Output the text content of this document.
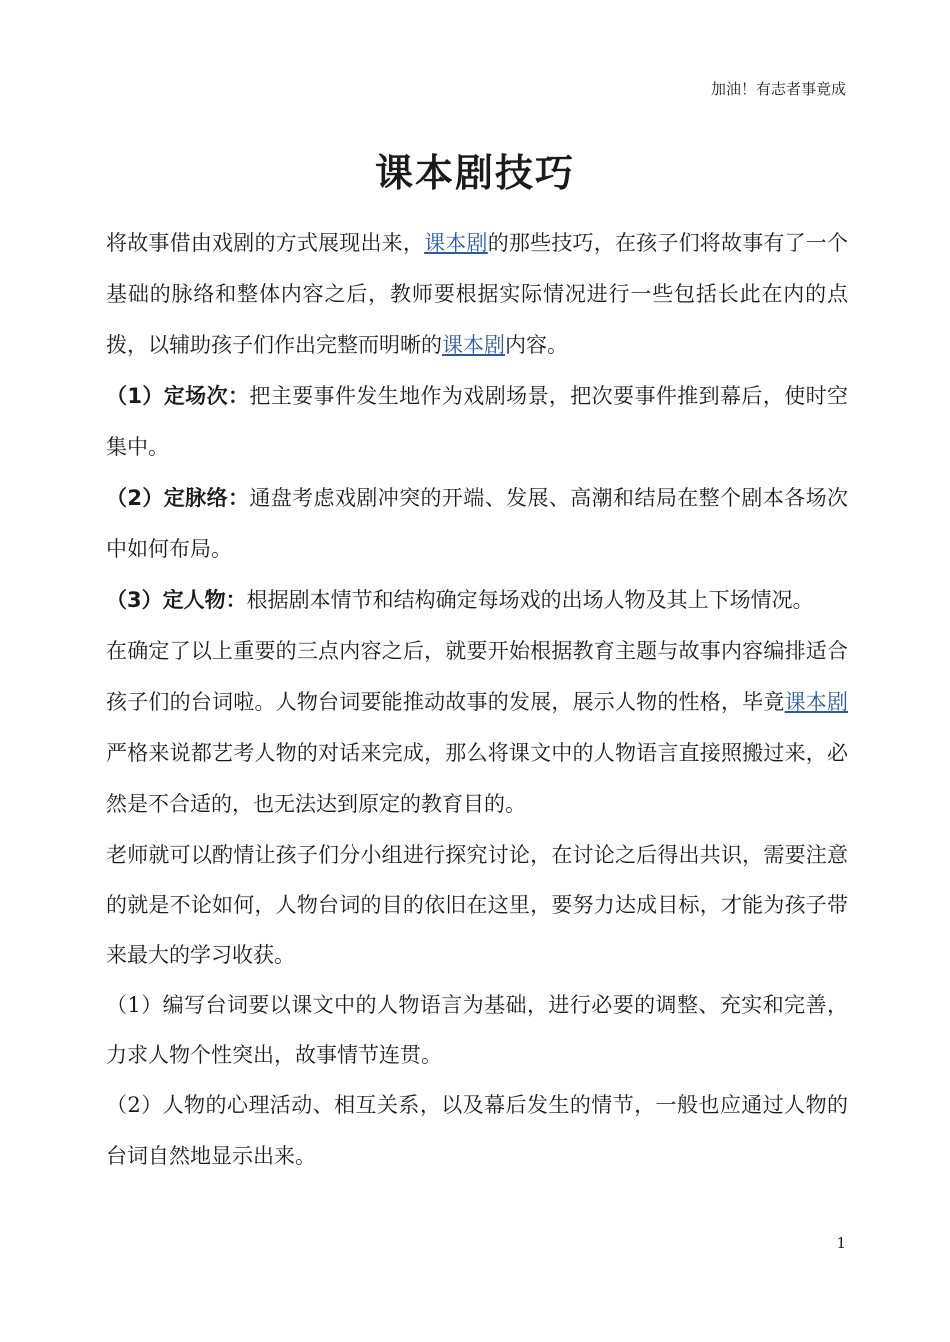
加油！有志者事竟成
课本剧技巧

将故事借由戏剧的方式展现出来，课本剧的那些技巧，在孩子们将故事有了一个基础的脉络和整体内容之后，教师要根据实际情况进行一些包括长此在内的点拨，以辅助孩子们作出完整而明晰的课本剧内容。

（1）定场次：把主要事件发生地作为戏剧场景，把次要事件推到幕后，使时空集中。

（2）定脉络：通盘考虑戏剧冲突的开端、发展、高潮和结局在整个剧本各场次中如何布局。

（3）定人物：根据剧本情节和结构确定每场戏的出场人物及其上下场情况。

在确定了以上重要的三点内容之后，就要开始根据教育主题与故事内容编排适合孩子们的台词啦。人物台词要能推动故事的发展，展示人物的性格，毕竟课本剧严格来说都艺考人物的对话来完成，那么将课文中的人物语言直接照搬过来，必然是不合适的，也无法达到原定的教育目的。

老师就可以酌情让孩子们分小组进行探究讨论，在讨论之后得出共识，需要注意的就是不论如何，人物台词的目的依旧在这里，要努力达成目标，才能为孩子带来最大的学习收获。

（1）编写台词要以课文中的人物语言为基础，进行必要的调整、充实和完善，力求人物个性突出，故事情节连贯。

（2）人物的心理活动、相互关系，以及幕后发生的情节，一般也应通过人物的台词自然地显示出来。

1
